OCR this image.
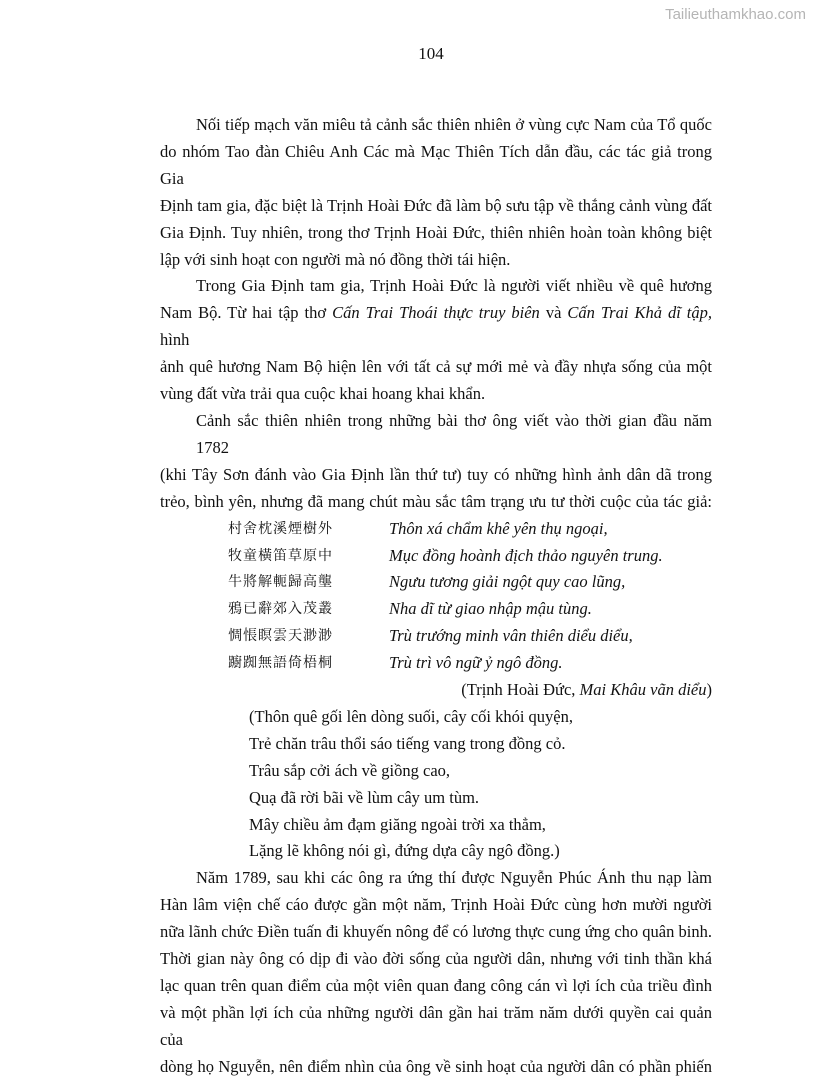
Tailieuthamkhao.com
104
Nối tiếp mạch văn miêu tả cảnh sắc thiên nhiên ở vùng cực Nam của Tổ quốc
do nhóm Tao đàn Chiêu Anh Các mà Mạc Thiên Tích dẫn đầu, các tác giả trong Gia
Định tam gia, đặc biệt là Trịnh Hoài Đức đã làm bộ sưu tập về thắng cảnh vùng đất
Gia Định. Tuy nhiên, trong thơ Trịnh Hoài Đức, thiên nhiên hoàn toàn không biệt
lập với sinh hoạt con người mà nó đồng thời tái hiện.
Trong Gia Định tam gia, Trịnh Hoài Đức là người viết nhiều về quê hương
Nam Bộ. Từ hai tập thơ Cấn Trai Thoái thực truy biên và Cấn Trai Khả dĩ tập, hình
ảnh quê hương Nam Bộ hiện lên với tất cả sự mới mẻ và đầy nhựa sống của một
vùng đất vừa trải qua cuộc khai hoang khai khẩn.
Cảnh sắc thiên nhiên trong những bài thơ ông viết vào thời gian đầu năm 1782
(khi Tây Sơn đánh vào Gia Định lần thứ tư) tuy có những hình ảnh dân dã trong
trẻo, bình yên, nhưng đã mang chút màu sắc tâm trạng ưu tư thời cuộc của tác giả:
村舍枕溪煙樹外	Thôn xá chẩm khê yên thụ ngoại,
牧童橫笛草原中	Mục đồng hoành địch thảo nguyên trung.
牛將解軛歸高壟	Ngưu tương giải ngột quy cao lũng,
鴉已辭郊入茂叢	Nha dĩ từ giao nhập mậu tùng.
惆悵瞑雲天渺渺	Trù trướng minh vân thiên diểu diểu,
躕踟無語倚梧桐	Trù trì vô ngữ ỷ ngô đồng.
(Trịnh Hoài Đức, Mai Khâu vãn diểu)
(Thôn quê gối lên dòng suối, cây cối khói quyện,
Trẻ chăn trâu thổi sáo tiếng vang trong đồng cỏ.
Trâu sắp cởi ách về giồng cao,
Quạ đã rời bãi về lùm cây um tùm.
Mây chiều ảm đạm giăng ngoài trời xa thẳm,
Lặng lẽ không nói gì, đứng dựa cây ngô đồng.)
Năm 1789, sau khi các ông ra ứng thí được Nguyễn Phúc Ánh thu nạp làm
Hàn lâm viện chế cáo được gần một năm, Trịnh Hoài Đức cùng hơn mười người
nữa lãnh chức Điền tuấn đi khuyến nông để có lương thực cung ứng cho quân binh.
Thời gian này ông có dịp đi vào đời sống của người dân, nhưng với tinh thần khá
lạc quan trên quan điểm của một viên quan đang công cán vì lợi ích của triều đình
và một phần lợi ích của những người dân gần hai trăm năm dưới quyền cai quản của
dòng họ Nguyễn, nên điểm nhìn của ông về sinh hoạt của người dân có phần phiến
